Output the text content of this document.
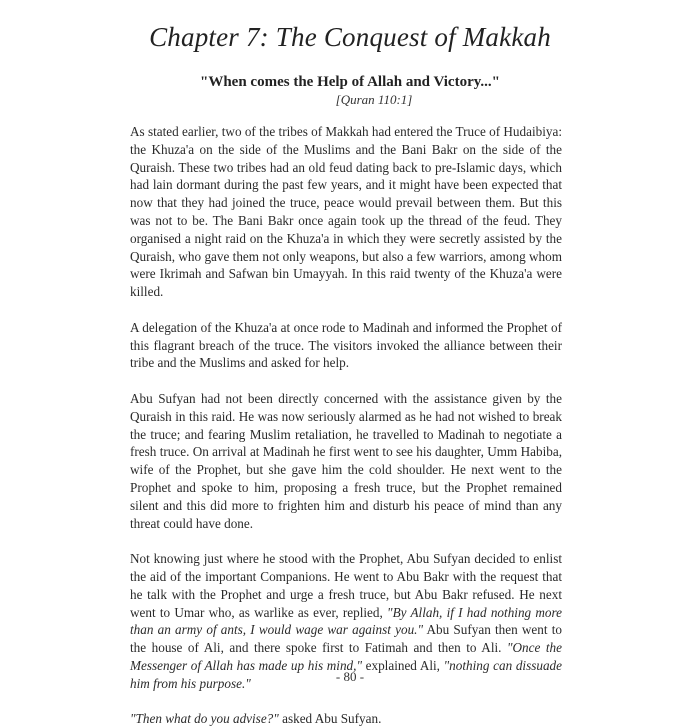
Chapter 7: The Conquest of Makkah
"When comes the Help of Allah and Victory..."
[Quran 110:1]

As stated earlier, two of the tribes of Makkah had entered the Truce of Hudaibiya: the Khuza'a on the side of the Muslims and the Bani Bakr on the side of the Quraish. These two tribes had an old feud dating back to pre-Islamic days, which had lain dormant during the past few years, and it might have been expected that now that they had joined the truce, peace would prevail between them. But this was not to be. The Bani Bakr once again took up the thread of the feud. They organised a night raid on the Khuza'a in which they were secretly assisted by the Quraish, who gave them not only weapons, but also a few warriors, among whom were Ikrimah and Safwan bin Umayyah. In this raid twenty of the Khuza'a were killed.

A delegation of the Khuza'a at once rode to Madinah and informed the Prophet of this flagrant breach of the truce. The visitors invoked the alliance between their tribe and the Muslims and asked for help.

Abu Sufyan had not been directly concerned with the assistance given by the Quraish in this raid. He was now seriously alarmed as he had not wished to break the truce; and fearing Muslim retaliation, he travelled to Madinah to negotiate a fresh truce. On arrival at Madinah he first went to see his daughter, Umm Habiba, wife of the Prophet, but she gave him the cold shoulder. He next went to the Prophet and spoke to him, proposing a fresh truce, but the Prophet remained silent and this did more to frighten him and disturb his peace of mind than any threat could have done.

Not knowing just where he stood with the Prophet, Abu Sufyan decided to enlist the aid of the important Companions. He went to Abu Bakr with the request that he talk with the Prophet and urge a fresh truce, but Abu Bakr refused. He next went to Umar who, as warlike as ever, replied, "By Allah, if I had nothing more than an army of ants, I would wage war against you." Abu Sufyan then went to the house of Ali, and there spoke first to Fatimah and then to Ali. "Once the Messenger of Allah has made up his mind," explained Ali, "nothing can dissuade him from his purpose."

"Then what do you advise?" asked Abu Sufyan.

- 80 -
